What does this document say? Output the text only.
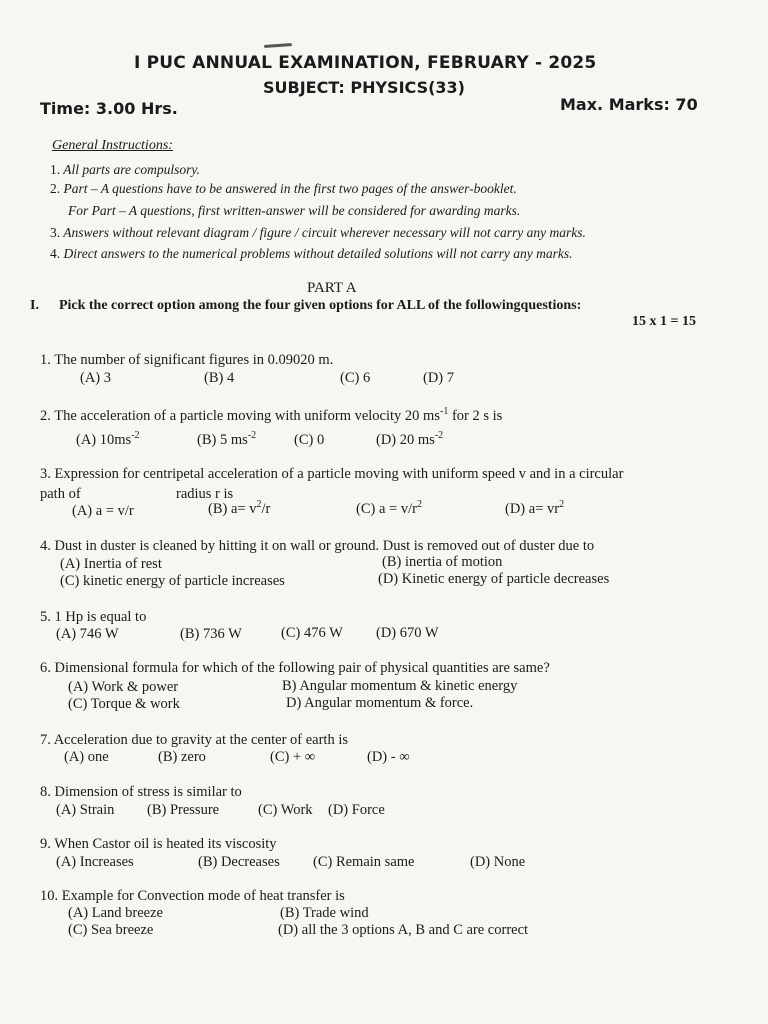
I PUC ANNUAL EXAMINATION, FEBRUARY - 2025
SUBJECT: PHYSICS(33)
Time: 3.00 Hrs.	Max. Marks: 70
General Instructions:
1. All parts are compulsory.
2. Part – A questions have to be answered in the first two pages of the answer-booklet.
For Part – A questions, first written-answer will be considered for awarding marks.
3. Answers without relevant diagram / figure / circuit wherever necessary will not carry any marks.
4. Direct answers to the numerical problems without detailed solutions will not carry any marks.
PART A
I. Pick the correct option among the four given options for ALL of the followingquestions:
15 x 1 = 15
1. The number of significant figures in 0.09020 m.
(A) 3	(B) 4	(C) 6	(D) 7
2. The acceleration of a particle moving with uniform velocity 20 $ms^{-1}$ for 2 s is
(A) $10ms^{-2}$	(B) 5 $ms^{-2}$	(C) 0	(D) 20 $ms^{-2}$
3. Expression for centripetal acceleration of a particle moving with uniform speed v and in a circular
path of	radius r is
(A) a = v/r	(B) $a= v^2/r$	(C) $a = v/r^2$	(D) $a= vr^2$
4. Dust in duster is cleaned by hitting it on wall or ground. Dust is removed out of duster due to
(A) Inertia of rest	(B) inertia of motion
(C) kinetic energy of particle increases	(D) Kinetic energy of particle decreases
5. 1 Hp is equal to
(A) 746 W	(B) 736 W	(C) 476 W (D) 670 W
6. Dimensional formula for which of the following pair of physical quantities are same?
(A) Work & power	B) Angular momentum & kinetic energy
(C) Torque & work	D) Angular momentum & force.
7. Acceleration due to gravity at the center of earth is
(A) one	(B) zero	(C) + ∞	(D) - ∞
8. Dimension of stress is similar to
(A) Strain (B) Pressure	(C) Work (D) Force
9. When Castor oil is heated its viscosity
(A) Increases	(B) Decreases (C) Remain same	(D) None
10. Example for Convection mode of heat transfer is
(A) Land breeze	(B) Trade wind
(C) Sea breeze	(D) all the 3 options A, B and C are correct
